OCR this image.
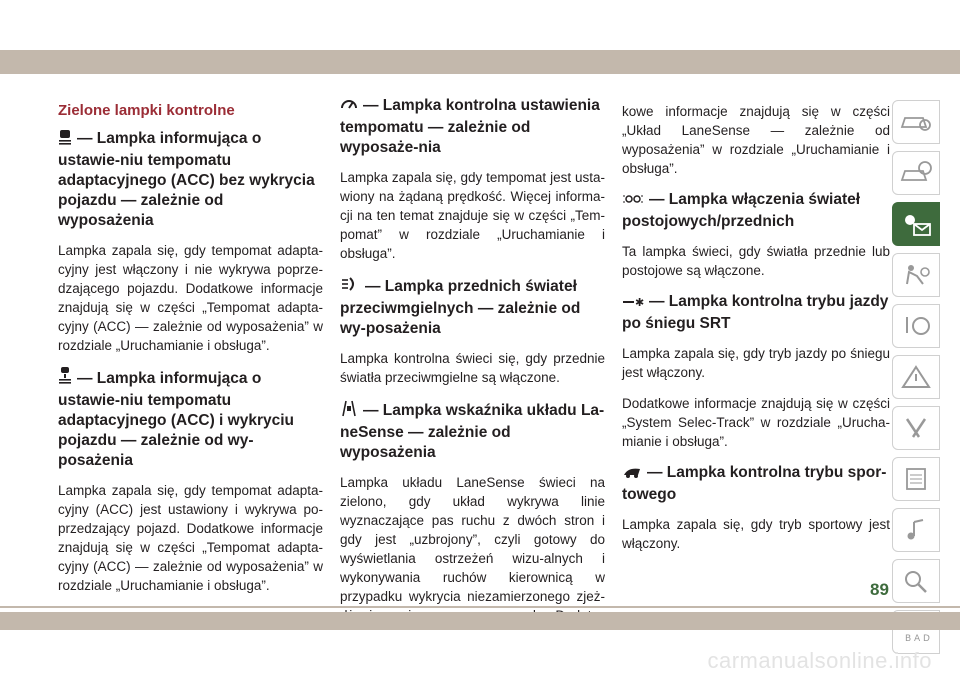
Zielone lampki kontrolne
— Lampka informująca o ustawie-niu tempomatu adaptacyjnego (ACC) bez wykrycia pojazdu — zależnie od wyposażenia

Lampka zapala się, gdy tempomat adapta-cyjny jest włączony i nie wykrywa poprze-dzającego pojazdu. Dodatkowe informacje znajdują się w części „Tempomat adapta-cyjny (ACC) — zależnie od wyposażenia” w rozdziale „Uruchamianie i obsługa”.

— Lampka informująca o ustawie-niu tempomatu adaptacyjnego (ACC) i wykryciu pojazdu — zależnie od wy-posażenia

Lampka zapala się, gdy tempomat adapta-cyjny (ACC) jest ustawiony i wykrywa po-przedzający pojazd. Dodatkowe informacje znajdują się w części „Tempomat adapta-cyjny (ACC) — zależnie od wyposażenia” w rozdziale „Uruchamianie i obsługa”.

— Lampka kontrolna ustawienia tempomatu — zależnie od wyposaże-nia

Lampka zapala się, gdy tempomat jest usta-wiony na żądaną prędkość. Więcej informa-cji na ten temat znajduje się w części „Tem-pomat” w rozdziale „Uruchamianie i obsługa”.

— Lampka przednich świateł przeciwmgielnych — zależnie od wy-posażenia

Lampka kontrolna świeci się, gdy przednie światła przeciwmgielne są włączone.

— Lampka wskaźnika układu La-neSense — zależnie od wyposażenia

Lampka układu LaneSense świeci na zielono, gdy układ wykrywa linie wyznaczające pas ruchu z dwóch stron i gdy jest „uzbrojony”, czyli gotowy do wyświetlania ostrzeżeń wizu-alnych i wykonywania ruchów kierownicą w przypadku wykrycia niezamierzonego zjeż-

kowe informacje znajdują się w części „Układ LaneSense — zależnie od wyposażenia” w rozdziale „Uruchamianie i obsługa”.

— Lampka włączenia świateł postojowych/przednich

Ta lampka świeci, gdy światła przednie lub postojowe są włączone.

✱ — Lampka kontrolna trybu jazdy po śniegu SRT

Lampka zapala się, gdy tryb jazdy po śniegu jest włączony.

Dodatkowe informacje znajdują się w części „System Selec-Track” w rozdziale „Urucha-mianie i obsługa”.

— Lampka kontrolna trybu spor-towego

Lampka zapala się, gdy tryb sportowy jest włączony.

B A D
89
carmanualsonline.info
